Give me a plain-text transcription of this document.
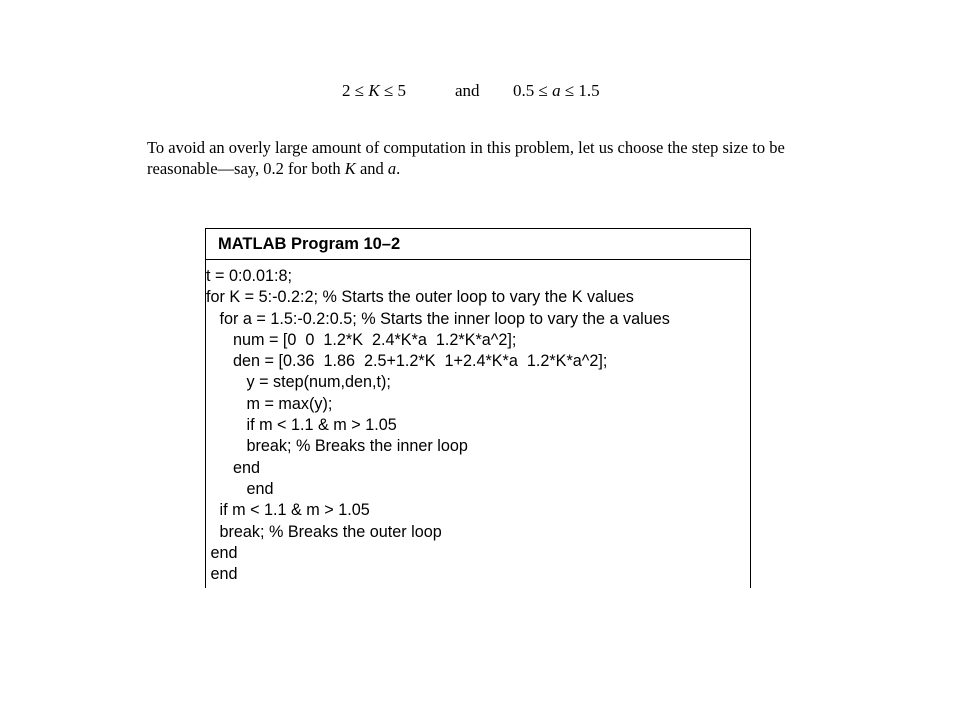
2 ≤ K ≤ 5	and 0.5 ≤ a ≤ 1.5
To avoid an overly large amount of computation in this problem, let us choose the step size to be reasonable—say, 0.2 for both K and a.
MATLAB Program 10–2
t = 0:0.01:8;
for K = 5:-0.2:2; % Starts the outer loop to vary the K values
for a = 1.5:-0.2:0.5; % Starts the inner loop to vary the a values
num = [0  0  1.2*K  2.4*K*a  1.2*K*a^2];
den = [0.36  1.86  2.5+1.2*K  1+2.4*K*a  1.2*K*a^2];
y = step(num,den,t);
m = max(y);
if m < 1.1 & m > 1.05
break; % Breaks the inner loop
end
end
if m < 1.1 & m > 1.05
break; % Breaks the outer loop
end
end
